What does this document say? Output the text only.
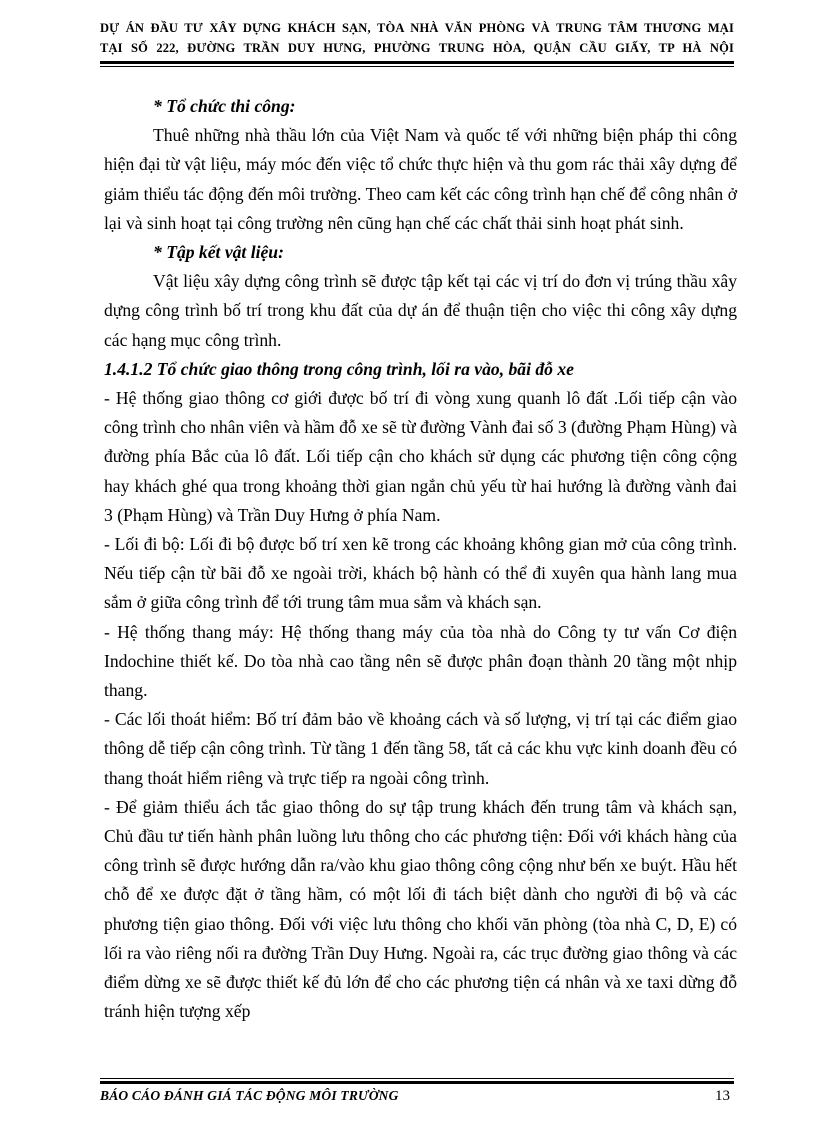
DỰ ÁN ĐẦU TƯ XÂY DỰNG KHÁCH SẠN, TÒA NHÀ VĂN PHÒNG VÀ TRUNG TÂM THƯƠNG MẠI
TẠI SỐ 222, ĐƯỜNG TRẦN DUY HƯNG, PHƯỜNG TRUNG HÒA, QUẬN CẦU GIẤY, TP HÀ NỘI

* Tổ chức thi công:

Thuê những nhà thầu lớn của Việt Nam và quốc tế với những biện pháp thi công hiện đại từ vật liệu, máy móc đến việc tổ chức thực hiện và thu gom rác thải xây dựng để giảm thiểu tác động đến môi trường. Theo cam kết các công trình hạn chế để công nhân ở lại và sinh hoạt tại công trường nên cũng hạn chế các chất thải sinh hoạt phát sinh.

* Tập kết vật liệu:

Vật liệu xây dựng công trình sẽ được tập kết tại các vị trí do đơn vị trúng thầu xây dựng công trình bố trí trong khu đất của dự án để thuận tiện cho việc thi công xây dựng các hạng mục công trình.

1.4.1.2 Tổ chức giao thông trong công trình, lối ra vào, bãi đỗ xe

- Hệ thống giao thông cơ giới được bố trí đi vòng xung quanh lô đất .Lối tiếp cận vào công trình cho nhân viên và hầm đỗ xe sẽ từ đường Vành đai số 3 (đường Phạm Hùng) và đường phía Bắc của lô đất. Lối tiếp cận cho khách sử dụng các phương tiện công cộng hay khách ghé qua trong khoảng thời gian ngắn chủ yếu từ hai hướng là đường vành đai 3 (Phạm Hùng) và Trần Duy Hưng ở phía Nam.

- Lối đi bộ: Lối đi bộ được bố trí xen kẽ trong các khoảng không gian mở của công trình. Nếu tiếp cận từ bãi đỗ xe ngoài trời, khách bộ hành có thể đi xuyên qua hành lang mua sắm ở giữa công trình để tới trung tâm mua sắm và khách sạn.

- Hệ thống thang máy: Hệ thống thang máy của tòa nhà do Công ty tư vấn Cơ điện Indochine thiết kế. Do tòa nhà cao tầng nên sẽ được phân đoạn thành 20 tầng một nhịp thang.

- Các lối thoát hiểm: Bố trí đảm bảo về khoảng cách và số lượng, vị trí tại các điểm giao thông dễ tiếp cận công trình. Từ tầng 1 đến tầng 58, tất cả các khu vực kinh doanh đều có thang thoát hiểm riêng và trực tiếp ra ngoài công trình.

- Để giảm thiểu ách tắc giao thông do sự tập trung khách đến trung tâm và khách sạn, Chủ đầu tư tiến hành phân luồng lưu thông cho các phương tiện: Đối với khách hàng của công trình sẽ được hướng dẫn ra/vào khu giao thông công cộng như bến xe buýt. Hầu hết chỗ để xe được đặt ở tầng hầm, có một lối đi tách biệt dành cho người đi bộ và các phương tiện giao thông. Đối với việc lưu thông cho khối văn phòng (tòa nhà C, D, E) có lối ra vào riêng nối ra đường Trần Duy Hưng. Ngoài ra, các trục đường giao thông và các điểm dừng xe sẽ được thiết kế đủ lớn để cho các phương tiện cá nhân và xe taxi dừng đỗ tránh hiện tượng xếp

BÁO CÁO ĐÁNH GIÁ TÁC ĐỘNG MÔI TRƯỜNG	13
